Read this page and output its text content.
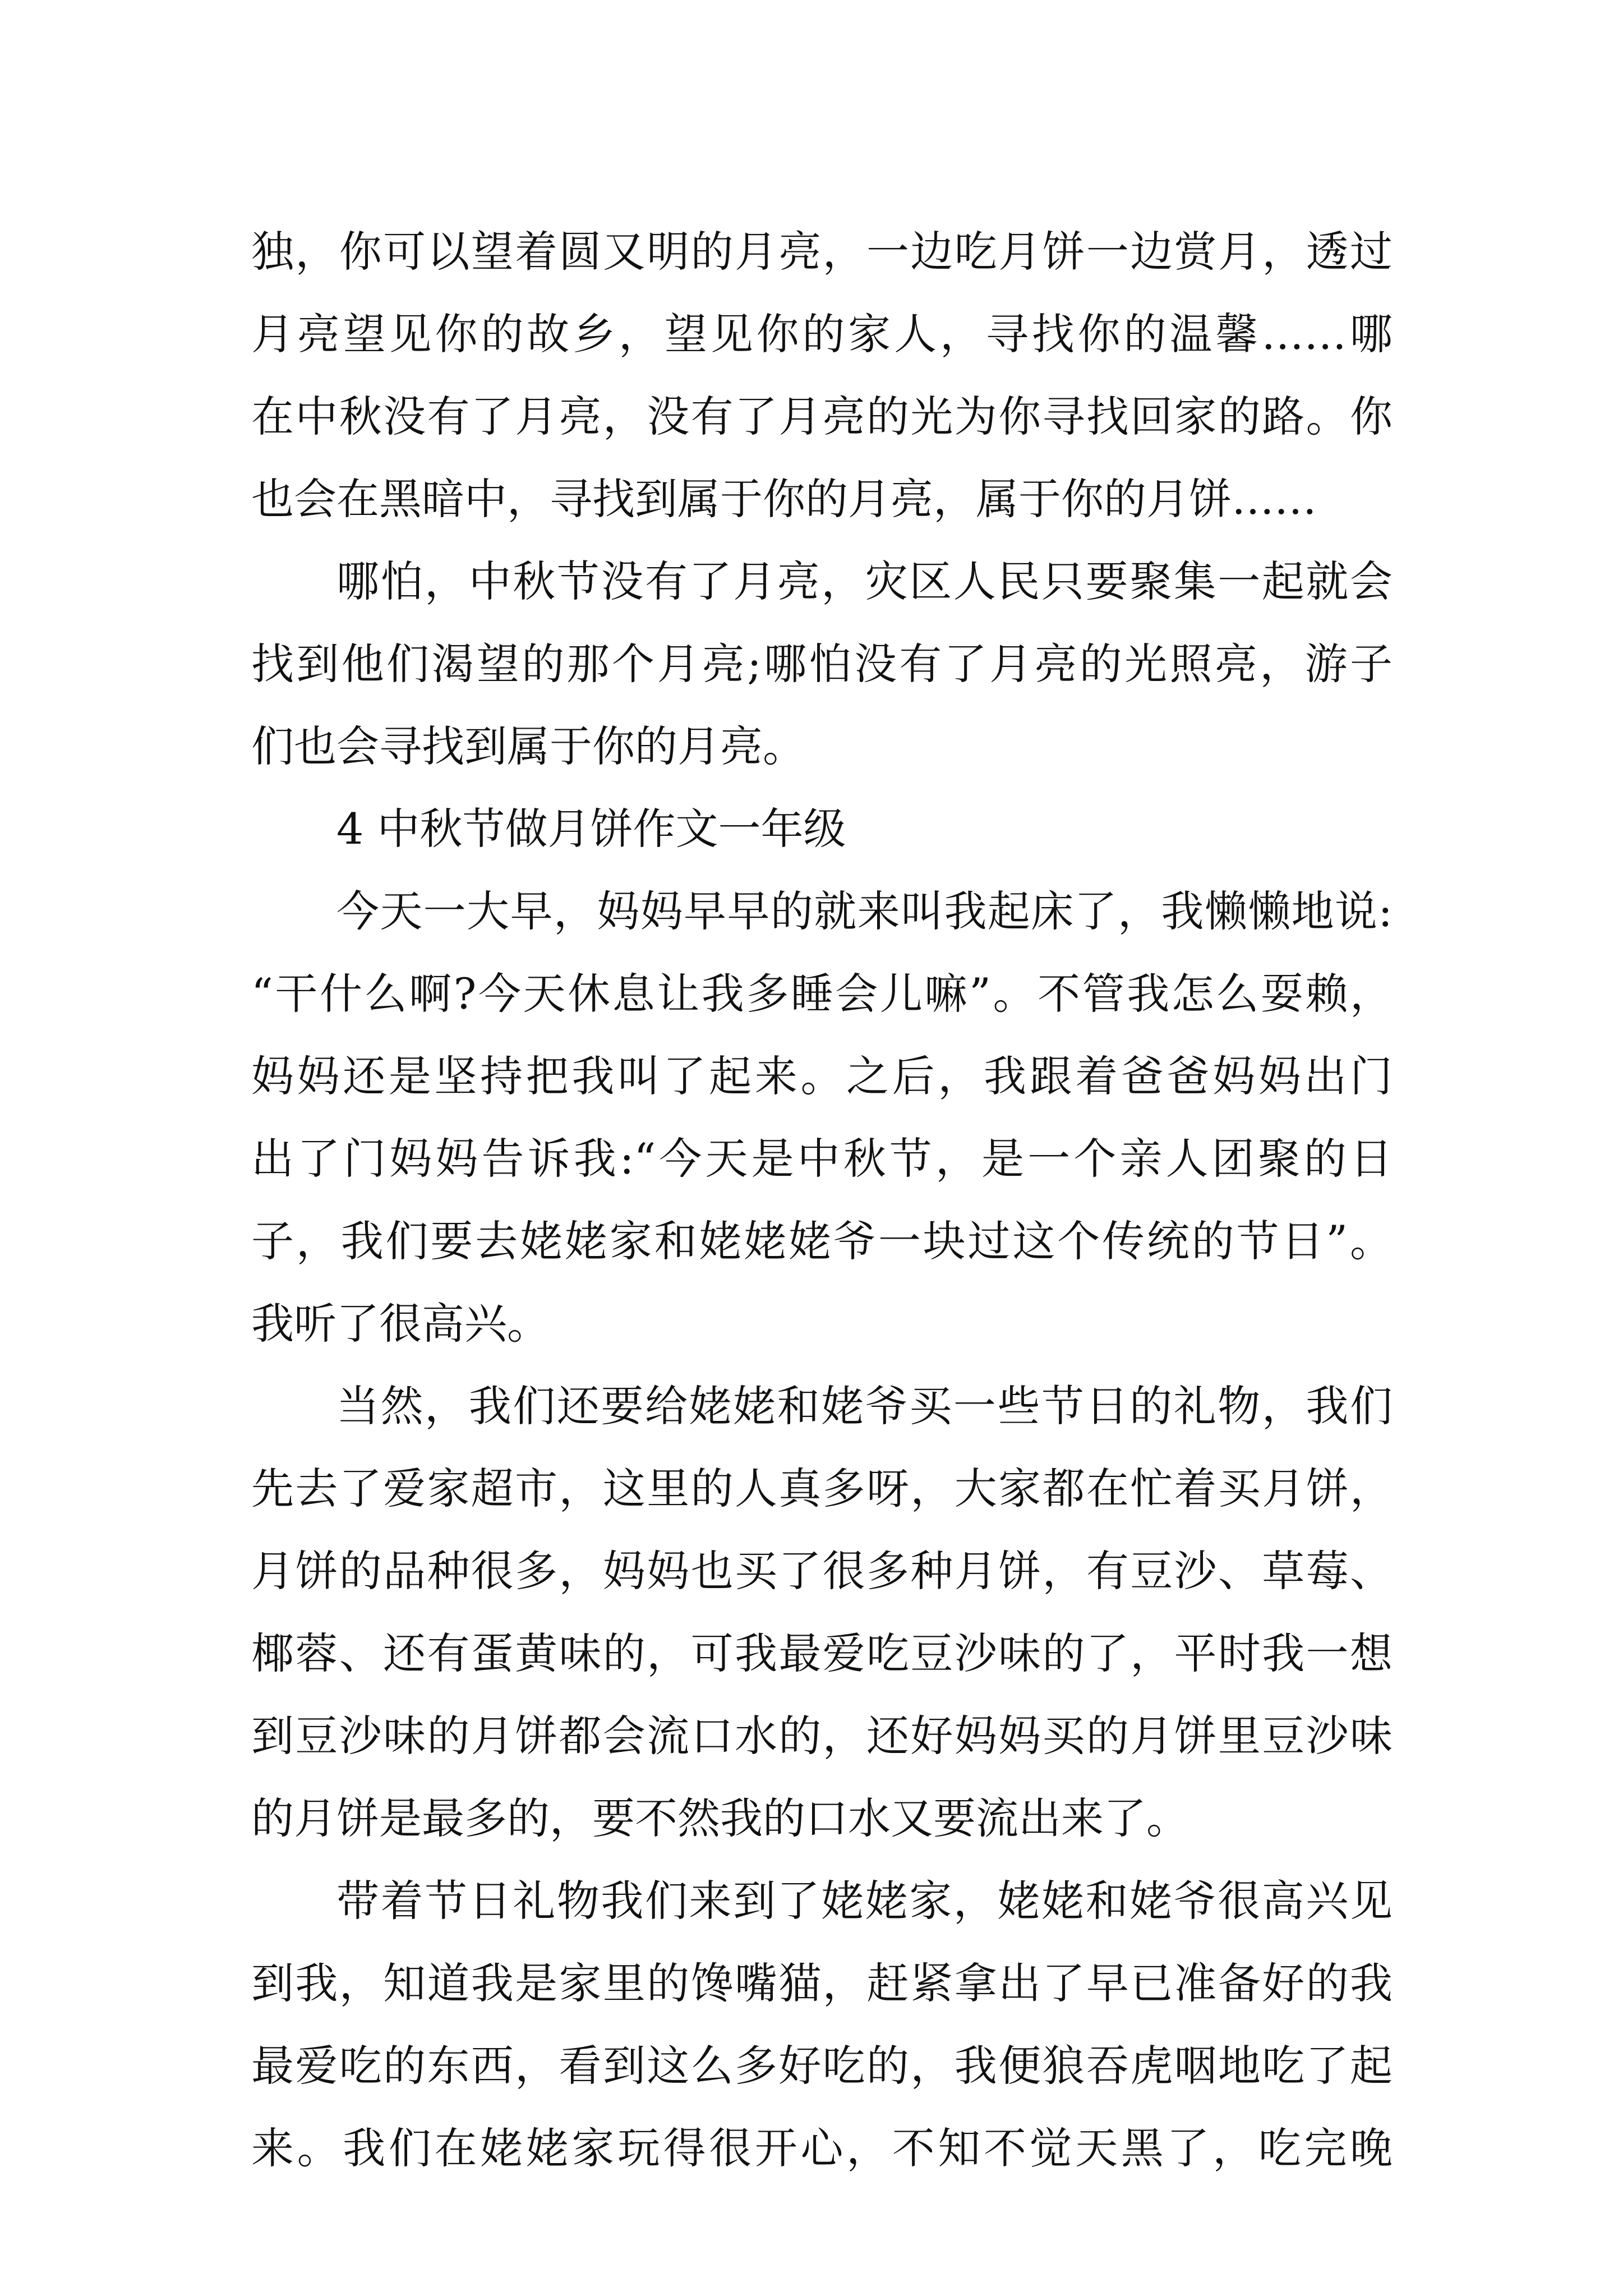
独，你可以望着圆又明的月亮，一边吃月饼一边赏月，透过
月亮望见你的故乡，望见你的家人，寻找你的温馨……哪
在中秋没有了月亮，没有了月亮的光为你寻找回家的路。你
也会在黑暗中，寻找到属于你的月亮，属于你的月饼……
哪怕，中秋节没有了月亮，灾区人民只要聚集一起就会
找到他们渴望的那个月亮;哪怕没有了月亮的光照亮，游子
们也会寻找到属于你的月亮。
4 中秋节做月饼作文一年级
今天一大早，妈妈早早的就来叫我起床了，我懒懒地说:
“干什么啊?今天休息让我多睡会儿嘛”。不管我怎么耍赖，
妈妈还是坚持把我叫了起来。之后，我跟着爸爸妈妈出门
出了门妈妈告诉我:“今天是中秋节，是一个亲人团聚的日
子，我们要去姥姥家和姥姥姥爷一块过这个传统的节日”。
我听了很高兴。
当然，我们还要给姥姥和姥爷买一些节日的礼物，我们
先去了爱家超市，这里的人真多呀，大家都在忙着买月饼，
月饼的品种很多，妈妈也买了很多种月饼，有豆沙、草莓、
椰蓉、还有蛋黄味的，可我最爱吃豆沙味的了，平时我一想
到豆沙味的月饼都会流口水的，还好妈妈买的月饼里豆沙味
的月饼是最多的，要不然我的口水又要流出来了。
带着节日礼物我们来到了姥姥家，姥姥和姥爷很高兴见
到我，知道我是家里的馋嘴猫，赶紧拿出了早已准备好的我
最爱吃的东西，看到这么多好吃的，我便狼吞虎咽地吃了起
来。我们在姥姥家玩得很开心，不知不觉天黑了，吃完晚
